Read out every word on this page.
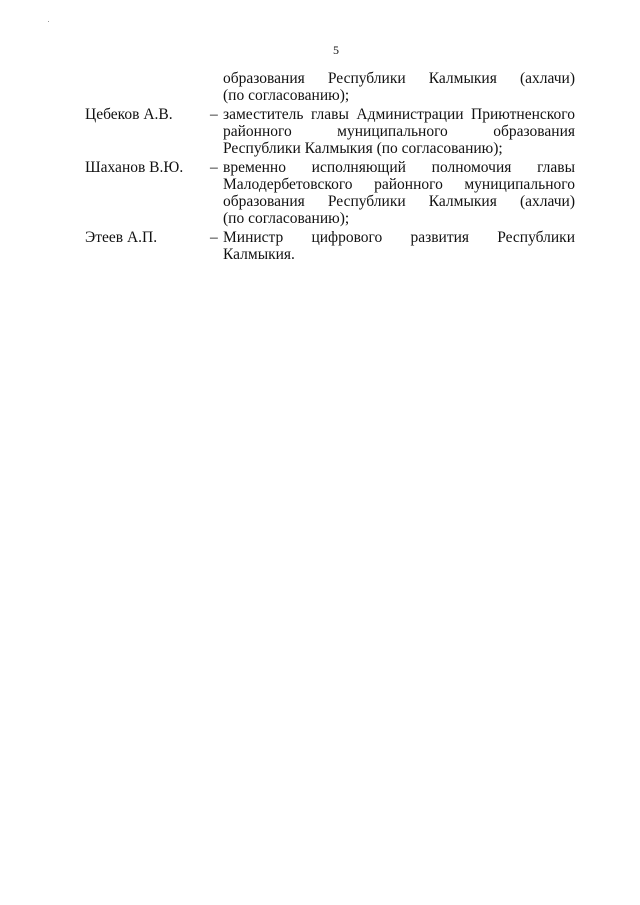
5
образования Республики Калмыкия (ахлачи)
(по согласованию);
Цебеков А.В.	– заместитель главы Администрации Приютненского
районного муниципального образования
Республики Калмыкия (по согласованию);
Шаханов В.Ю.	– временно исполняющий полномочия главы
Малодербетовского районного муниципального
образования Республики Калмыкия (ахлачи)
(по согласованию);
Этеев А.П.	– Министр цифрового развития Республики
Калмыкия.
